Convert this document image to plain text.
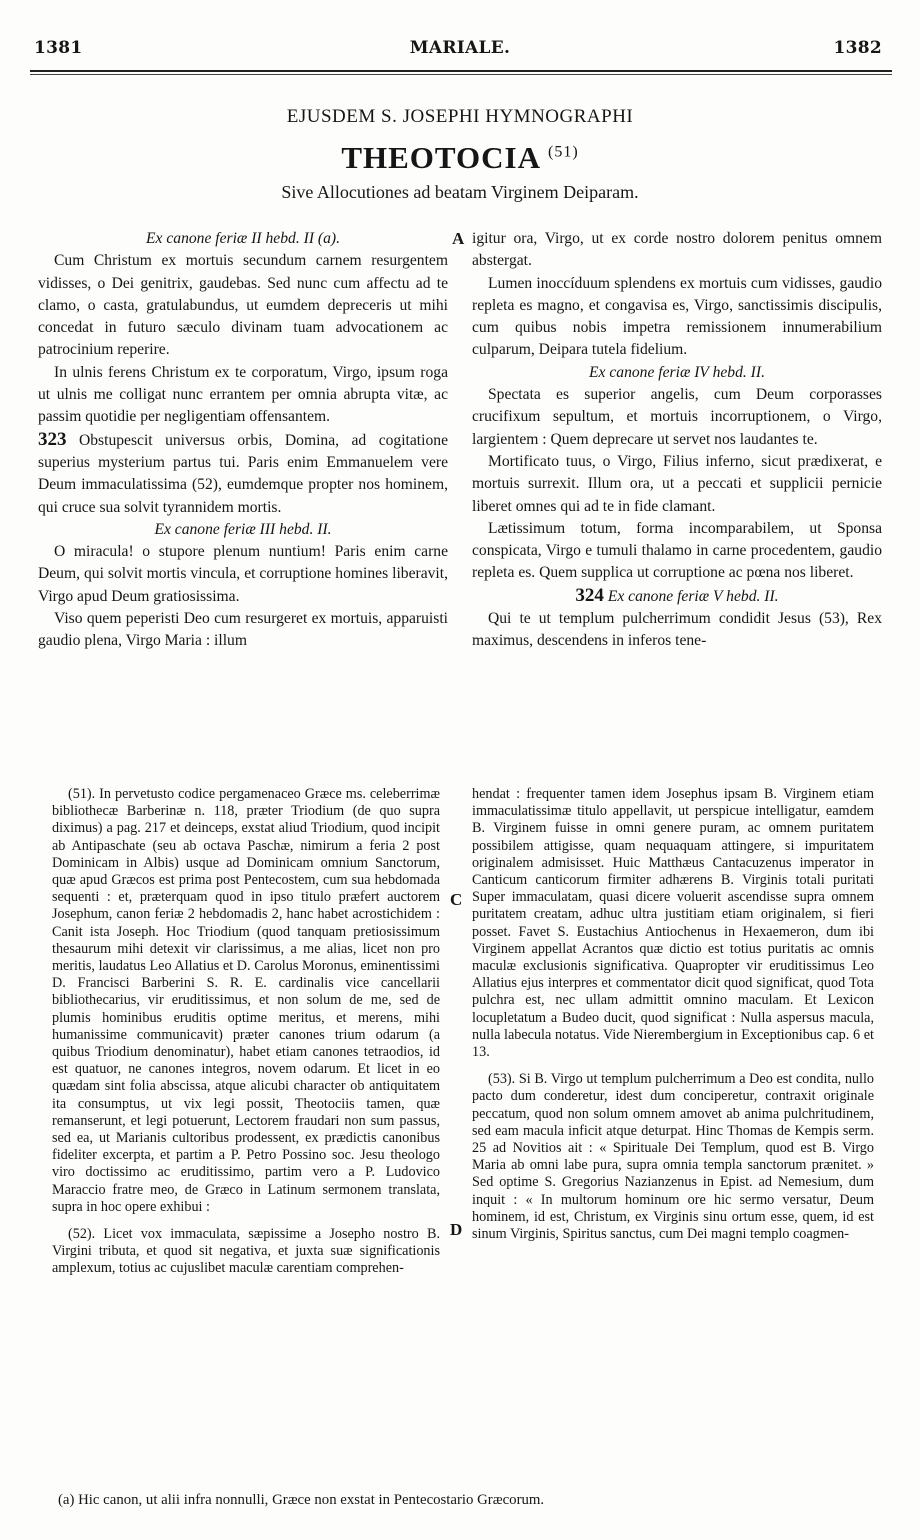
1381	MARIALE.	1382
EJUSDEM S. JOSEPHI HYMNOGRAPHI
THEOTOCIA $^{(51)}$
Sive Allocutiones ad beatam Virginem Deiparam.

Ex canone feriæ II hebd. II (a).

Cum Christum ex mortuis secundum carnem resurgentem vidisses, o Dei genitrix, gaudebas. Sed nunc cum affectu ad te clamo, o casta, gratulabundus, ut eumdem depreceris ut mihi concedat in futuro sæculo divinam tuam advocationem ac patrocinium reperire.

In ulnis ferens Christum ex te corporatum, Virgo, ipsum roga ut ulnis me colligat nunc errantem per omnia abrupta vitæ, ac passim quotidie per negligentiam offensantem.

323 Obstupescit universus orbis, Domina, ad cogitatione superius mysterium partus tui. Paris enim Emmanuelem vere Deum immaculatissima (52), eumdemque propter nos hominem, qui cruce sua solvit tyrannidem mortis.

Ex canone feriæ III hebd. II.

O miracula! o stupore plenum nuntium! Paris enim carne Deum, qui solvit mortis vincula, et corruptione homines liberavit, Virgo apud Deum gratiosissima.

Viso quem peperisti Deo cum resurgeret ex mortuis, apparuisti gaudio plena, Virgo Maria : illum

igitur ora, Virgo, ut ex corde nostro dolorem penitus omnem abstergat.

Lumen inoccíduum splendens ex mortuis cum vidisses, gaudio repleta es magno, et congavisa es, Virgo, sanctissimis discipulis, cum quibus nobis impetra remissionem innumerabilium culparum, Deipara tutela fidelium.

Ex canone feriæ IV hebd. II.

Spectata es superior angelis, cum Deum corporasses crucifixum sepultum, et mortuis incorruptionem, o Virgo, largientem : Quem deprecare ut servet nos laudantes te.

Mortificato tuus, o Virgo, Filius inferno, sicut prædixerat, e mortuis surrexit. Illum ora, ut a peccati et supplicii pernicie liberet omnes qui ad te in fide clamant.

Lætissimum totum, forma incomparabilem, ut Sponsa conspicata, Virgo e tumuli thalamo in carne procedentem, gaudio repleta es. Quem supplica ut corruptione ac pœna nos liberet.

324 Ex canone feriæ V hebd. II.

Qui te ut templum pulcherrimum condidit Jesus (53), Rex maximus, descendens in inferos tene-

(51). In pervetusto codice pergamenaceo Græce ms. celeberrimæ bibliothecæ Barberinæ n. 118, præter Triodium (de quo supra diximus) a pag. 217 et deinceps, exstat aliud Triodium, quod incipit ab Antipaschate (seu ab octava Paschæ, nimirum a feria 2 post Dominicam in Albis) usque ad Dominicam omnium Sanctorum, quæ apud Græcos est prima post Pentecostem, cum sua hebdomada sequenti : et, præterquam quod in ipso titulo præfert auctorem Josephum, canon feriæ 2 hebdomadis 2, hanc habet acrostichidem : Canit ista Joseph. Hoc Triodium (quod tanquam pretiosissimum thesaurum mihi detexit vir clarissimus, a me alias, licet non pro meritis, laudatus Leo Allatius et D. Carolus Moronus, eminentissimi D. Francisci Barberini S. R. E. cardinalis vice cancellarii bibliothecarius, vir eruditissimus, et non solum de me, sed de plumis hominibus eruditis optime meritus, et merens, mihi humanissime communicavit) præter canones trium odarum (a quibus Triodium denominatur), habet etiam canones tetraodios, id est quatuor, ne canones integros, novem odarum. Et licet in eo quædam sint folia abscissa, atque alicubi character ob antiquitatem ita consumptus, ut vix legi possit, Theotociis tamen, quæ remanserunt, et legi potuerunt, Lectorem fraudari non sum passus, sed ea, ut Marianis cultoribus prodessent, ex prædictis canonibus fideliter excerpta, et partim a P. Petro Possino soc. Jesu theologo viro doctissimo ac eruditissimo, partim vero a P. Ludovico Maraccio fratre meo, de Græco in Latinum sermonem translata, supra in hoc opere exhibui :

(52). Licet vox immaculata, sæpissime a Josepho nostro B. Virgini tributa, et quod sit negativa, et juxta suæ significationis amplexum, totius ac cujuslibet maculæ carentiam comprehen-

hendat : frequenter tamen idem Josephus ipsam B. Virginem etiam immaculatissimæ titulo appellavit, ut perspicue intelligatur, eamdem B. Virginem fuisse in omni genere puram, ac omnem puritatem possibilem attigisse, quam nequaquam attingere, si impuritatem originalem admisisset. Huic Matthæus Cantacuzenus imperator in Canticum canticorum firmiter adhærens B. Virginis totali puritati Super immaculatam, quasi dicere voluerit ascendisse supra omnem puritatem creatam, adhuc ultra justitiam etiam originalem, si fieri posset. Favet S. Eustachius Antiochenus in Hexaemeron, dum ibi Virginem appellat Acrantos quæ dictio est totius puritatis ac omnis maculæ exclusionis significativa. Quapropter vir eruditissimus Leo Allatius ejus interpres et commentator dicit quod significat, quod Tota pulchra est, nec ullam admittit omnino maculam. Et Lexicon locupletatum a Budeo ducit, quod significat : Nulla aspersus macula, nulla labecula notatus. Vide Nierembergium in Exceptionibus cap. 6 et 13.

(53). Si B. Virgo ut templum pulcherrimum a Deo est condita, nullo pacto dum conderetur, idest dum conciperetur, contraxit originale peccatum, quod non solum omnem amovet ab anima pulchritudinem, sed eam macula inficit atque deturpat. Hinc Thomas de Kempis serm. 25 ad Novitios ait : « Spirituale Dei Templum, quod est B. Virgo Maria ab omni labe pura, supra omnia templa sanctorum prænitet. » Sed optime S. Gregorius Nazianzenus in Epist. ad Nemesium, dum inquit : « In multorum hominum ore hic sermo versatur, Deum hominem, id est, Christum, ex Virginis sinu ortum esse, quem, id est sinum Virginis, Spiritus sanctus, cum Dei magni templo coagmen-

A
C
D
(a) Hic canon, ut alii infra nonnulli, Græce non exstat in Pentecostario Græcorum.
